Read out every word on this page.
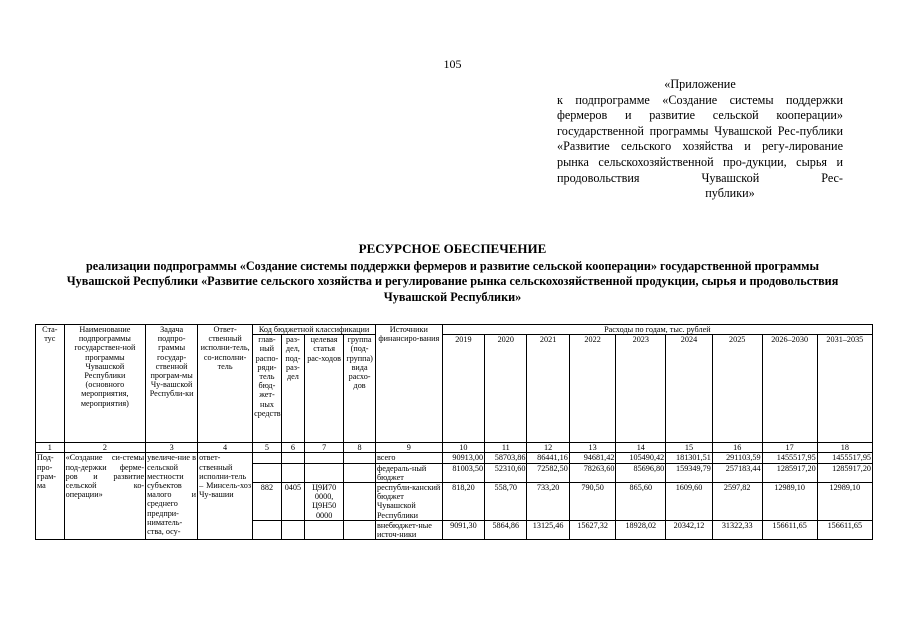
105
«Приложение
к подпрограмме «Создание системы поддержки фермеров и развитие сельской кооперации» государственной программы Чувашской Рес-публики «Развитие сельского хозяйства и регу-лирование рынка сельскохозяйственной про-дукции, сырья и продовольствия Чувашской Рес-
публики»
РЕСУРСНОЕ ОБЕСПЕЧЕНИЕ
реализации подпрограммы «Создание системы поддержки фермеров и развитие сельской кооперации» государственной программы Чувашской Республики «Развитие сельского хозяйства и регулирование рынка сельскохозяйственной продукции, сырья и продовольствия Чувашской Республики»
Ста-тус	Наименование подпрограммы государствен-ной программы Чувашской Республики (основного мероприятия, мероприятия)	Задача подпро-граммы государ-ственной програм-мы Чу-вашской Республи-ки	Ответ-ственный исполни-тель, со-исполни-тель	Код бюджетной классификации				Источники финансиро-вания	Расходы по годам, тыс. рублей								
				глав-ный распо-ряди-тель бюд-жет-ных средств	раз-дел, под-раз-дел	целевая статья рас-ходов	группа (под-группа) вида расхо-дов		2019	2020	2021	2022	2023	2024	2025	2026–2030	2031–2035
1	2	3	4	5	6	7	8	9	10	11	12	13	14	15	16	17	18
Под-про-грам-ма	«Создание си-стемы под-держки ферме-ров и развитие сельской ко-операции»	увеличе-ние в сельской местности субъектов малого и среднего предпри-ниматель-ства, осу-	ответ-ственный исполни-тель – Минсель-хоз Чу-вашии					всего	90913,00	58703,86	86441,16	94681,42	105490,42	181301,51	291103,59	1455517,95	1455517,95
								федераль-ный бюджет	81003,50	52310,60	72582,50	78263,60	85696,80	159349,79	257183,44	1285917,20	1285917,20
				882	0405	Ц9И70 0000, Ц9Н50 0000		республи-канский бюджет Чувашской Республики	818,20	558,70	733,20	790,50	865,60	1609,60	2597,82	12989,10	12989,10
								внебюджет-ные источ-ники	9091,30	5864,86	13125,46	15627,32	18928,02	20342,12	31322,33	156611,65	156611,65
